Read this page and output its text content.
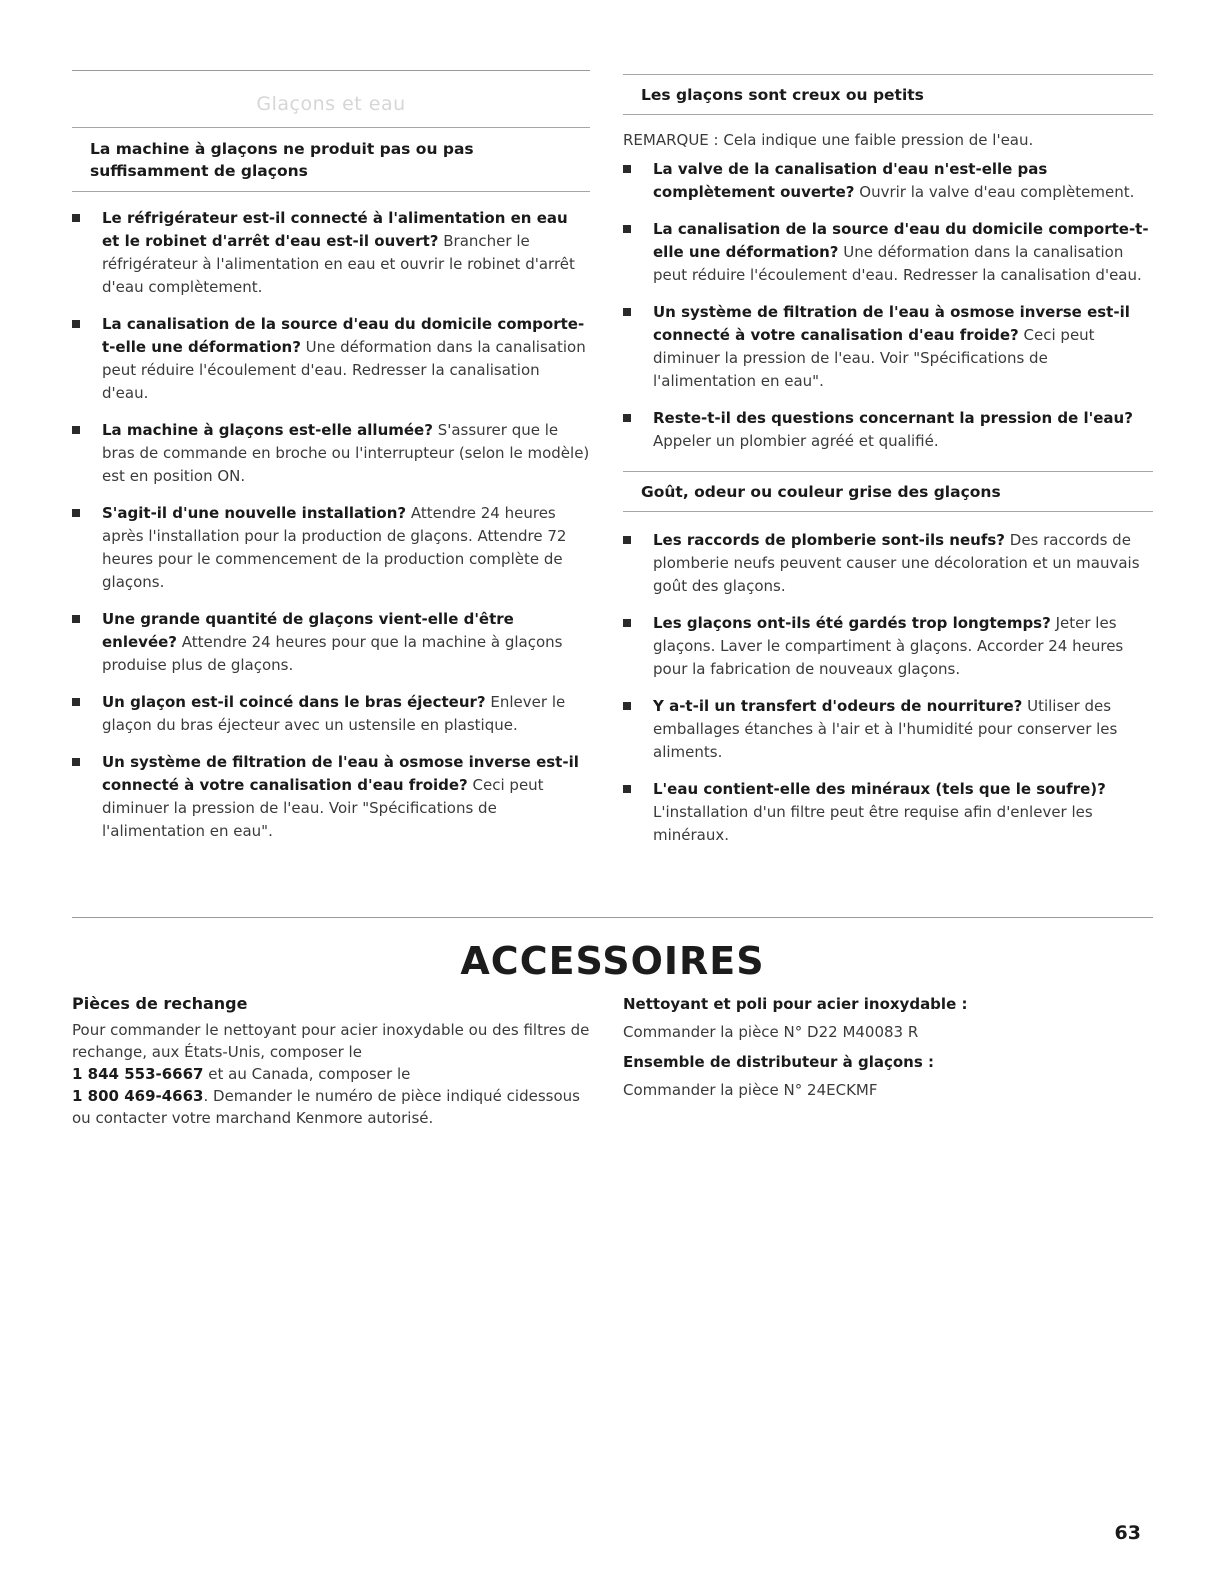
Glaçons et eau
La machine à glaçons ne produit pas ou pas suffisamment de glaçons
Le réfrigérateur est-il connecté à l'alimentation en eau et le robinet d'arrêt d'eau est-il ouvert? Brancher le réfrigérateur à l'alimentation en eau et ouvrir le robinet d'arrêt d'eau complètement.
La canalisation de la source d'eau du domicile comporte-t-elle une déformation? Une déformation dans la canalisation peut réduire l'écoulement d'eau. Redresser la canalisation d'eau.
La machine à glaçons est-elle allumée? S'assurer que le bras de commande en broche ou l'interrupteur (selon le modèle) est en position ON.
S'agit-il d'une nouvelle installation? Attendre 24 heures après l'installation pour la production de glaçons. Attendre 72 heures pour le commencement de la production complète de glaçons.
Une grande quantité de glaçons vient-elle d'être enlevée? Attendre 24 heures pour que la machine à glaçons produise plus de glaçons.
Un glaçon est-il coincé dans le bras éjecteur? Enlever le glaçon du bras éjecteur avec un ustensile en plastique.
Un système de filtration de l'eau à osmose inverse est-il connecté à votre canalisation d'eau froide? Ceci peut diminuer la pression de l'eau. Voir "Spécifications de l'alimentation en eau".
Les glaçons sont creux ou petits
REMARQUE : Cela indique une faible pression de l'eau.
La valve de la canalisation d'eau n'est-elle pas complètement ouverte? Ouvrir la valve d'eau complètement.
La canalisation de la source d'eau du domicile comporte-t-elle une déformation? Une déformation dans la canalisation peut réduire l'écoulement d'eau. Redresser la canalisation d'eau.
Un système de filtration de l'eau à osmose inverse est-il connecté à votre canalisation d'eau froide? Ceci peut diminuer la pression de l'eau. Voir "Spécifications de l'alimentation en eau".
Reste-t-il des questions concernant la pression de l'eau? Appeler un plombier agréé et qualifié.
Goût, odeur ou couleur grise des glaçons
Les raccords de plomberie sont-ils neufs? Des raccords de plomberie neufs peuvent causer une décoloration et un mauvais goût des glaçons.
Les glaçons ont-ils été gardés trop longtemps? Jeter les glaçons. Laver le compartiment à glaçons. Accorder 24 heures pour la fabrication de nouveaux glaçons.
Y a-t-il un transfert d'odeurs de nourriture? Utiliser des emballages étanches à l'air et à l'humidité pour conserver les aliments.
L'eau contient-elle des minéraux (tels que le soufre)? L'installation d'un filtre peut être requise afin d'enlever les minéraux.
ACCESSOIRES
Pièces de rechange
Pour commander le nettoyant pour acier inoxydable ou des filtres de rechange, aux États-Unis, composer le
1 844 553-6667 et au Canada, composer le
1 800 469-4663. Demander le numéro de pièce indiqué cidessous ou contacter votre marchand Kenmore autorisé.
Nettoyant et poli pour acier inoxydable :
Commander la pièce N° D22 M40083 R
Ensemble de distributeur à glaçons :
Commander la pièce N° 24ECKMF
63
